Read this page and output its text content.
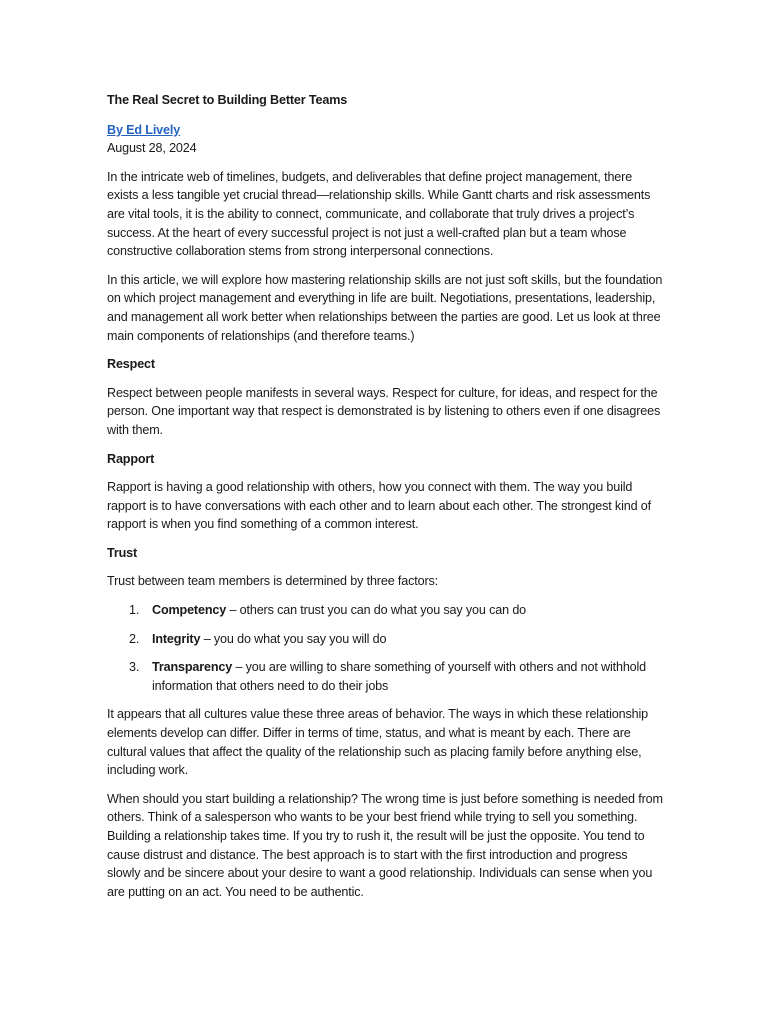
The Real Secret to Building Better Teams
By Ed Lively
August 28, 2024

In the intricate web of timelines, budgets, and deliverables that define project management, there exists a less tangible yet crucial thread—relationship skills. While Gantt charts and risk assessments are vital tools, it is the ability to connect, communicate, and collaborate that truly drives a project’s success. At the heart of every successful project is not just a well-crafted plan but a team whose constructive collaboration stems from strong interpersonal connections.

In this article, we will explore how mastering relationship skills are not just soft skills, but the foundation on which project management and everything in life are built. Negotiations, presentations, leadership, and management all work better when relationships between the parties are good. Let us look at three main components of relationships (and therefore teams.)

Respect

Respect between people manifests in several ways. Respect for culture, for ideas, and respect for the person. One important way that respect is demonstrated is by listening to others even if one disagrees with them.

Rapport

Rapport is having a good relationship with others, how you connect with them. The way you build rapport is to have conversations with each other and to learn about each other. The strongest kind of rapport is when you find something of a common interest.

Trust

Trust between team members is determined by three factors:

1. Competency – others can trust you can do what you say you can do
2. Integrity – you do what you say you will do
3. Transparency – you are willing to share something of yourself with others and not withhold information that others need to do their jobs

It appears that all cultures value these three areas of behavior. The ways in which these relationship elements develop can differ. Differ in terms of time, status, and what is meant by each. There are cultural values that affect the quality of the relationship such as placing family before anything else, including work.

When should you start building a relationship? The wrong time is just before something is needed from others. Think of a salesperson who wants to be your best friend while trying to sell you something. Building a relationship takes time. If you try to rush it, the result will be just the opposite. You tend to cause distrust and distance. The best approach is to start with the first introduction and progress slowly and be sincere about your desire to want a good relationship. Individuals can sense when you are putting on an act. You need to be authentic.
